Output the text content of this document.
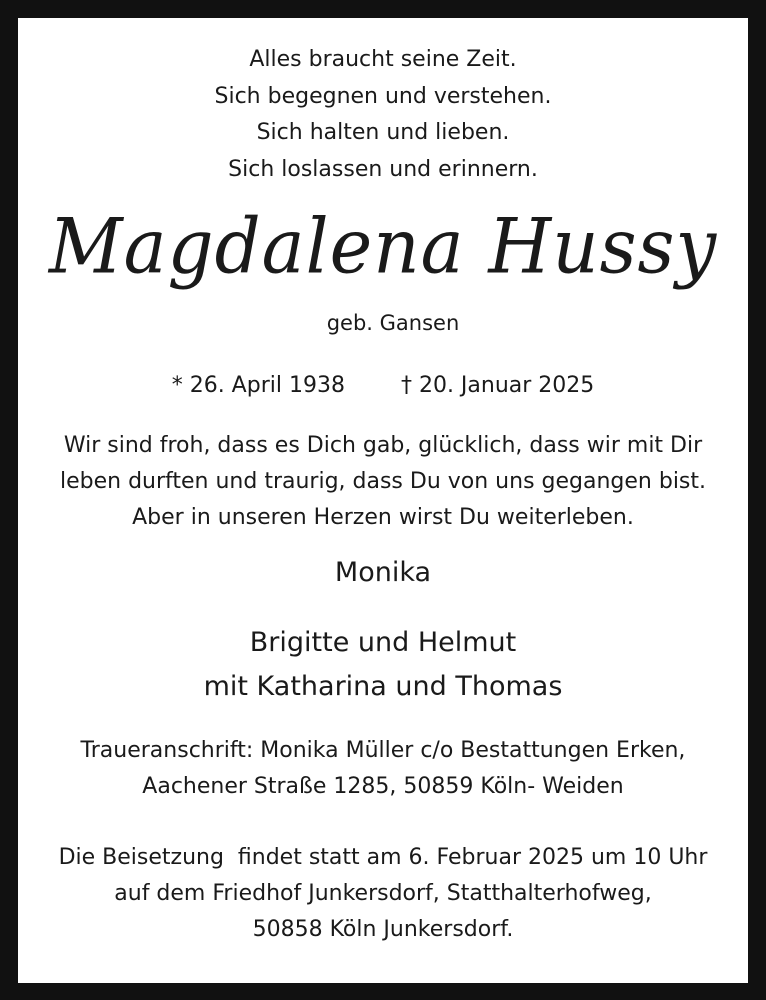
Alles braucht seine Zeit.
Sich begegnen und verstehen.
Sich halten und lieben.
Sich loslassen und erinnern.
Magdalena Hussy
geb. Gansen
* 26. April 1938	† 20. Januar 2025
Wir sind froh, dass es Dich gab, glücklich, dass wir mit Dir
leben durften und traurig, dass Du von uns gegangen bist.
Aber in unseren Herzen wirst Du weiterleben.
Monika
Brigitte und Helmut
mit Katharina und Thomas
Traueranschrift: Monika Müller c/o Bestattungen Erken,
Aachener Straße 1285, 50859 Köln- Weiden
Die Beisetzung  findet statt am 6. Februar 2025 um 10 Uhr
auf dem Friedhof Junkersdorf, Statthalterhofweg,
50858 Köln Junkersdorf.
